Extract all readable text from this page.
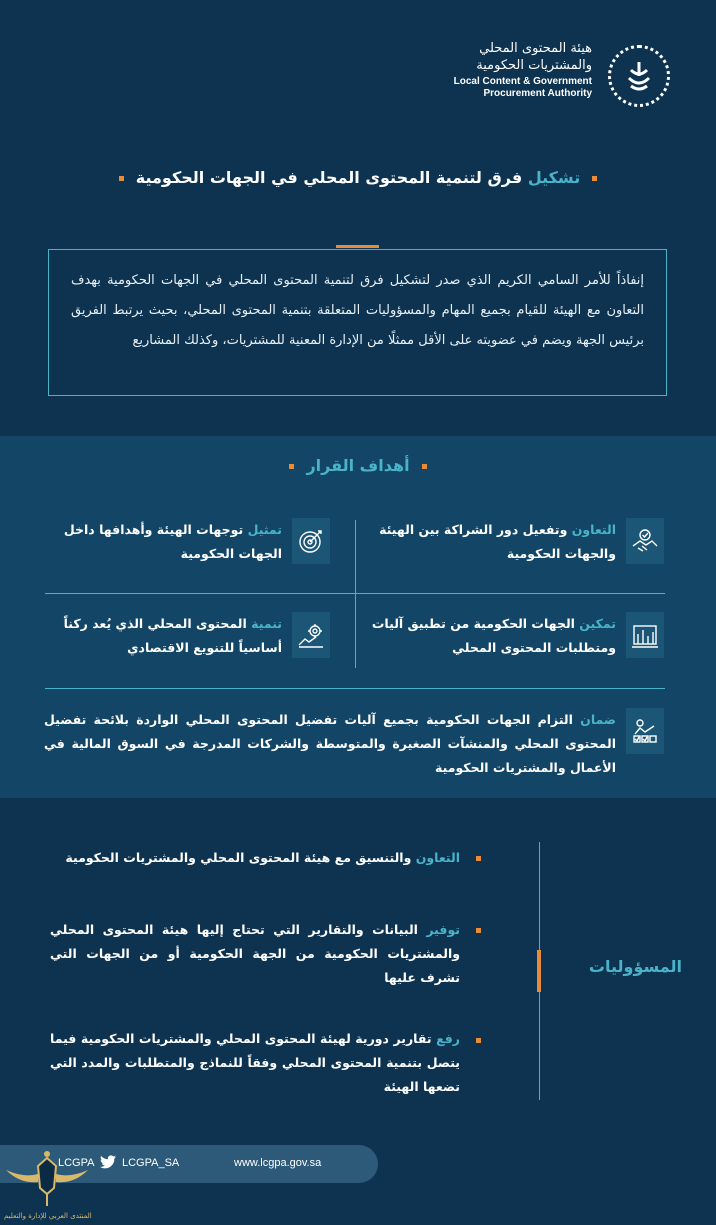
هيئة المحتوى المحلي
والمشتريات الحكومية
Local Content & Government
Procurement Authority
تشكيل فرق لتنمية المحتوى المحلي في الجهات الحكومية
إنفاذاً للأمر السامي الكريم الذي صدر لتشكيل فرق لتنمية المحتوى المحلي في الجهات الحكومية بهدف التعاون مع الهيئة للقيام بجميع المهام والمسؤوليات المتعلقة بتنمية المحتوى المحلي، بحيث يرتبط الفريق برئيس الجهة ويضم في عضويته على الأقل ممثلًا من الإدارة المعنية للمشتريات، وكذلك المشاريع
أهداف القرار
التعاون وتفعيل دور الشراكة بين الهيئة والجهات الحكومية
تمثيل توجهات الهيئة وأهدافها داخل الجهات الحكومية
تمكين الجهات الحكومية من تطبيق آليات ومتطلبات المحتوى المحلي
تنمية المحتوى المحلي الذي يُعد ركناً أساسياً للتنويع الاقتصادي
ضمان التزام الجهات الحكومية بجميع آليات تفضيل المحتوى المحلي الواردة بلائحة تفضيل المحتوى المحلي والمنشآت الصغيرة والمتوسطة والشركات المدرجة في السوق المالية في الأعمال والمشتريات الحكومية
المسؤوليات
التعاون والتنسيق مع هيئة المحتوى المحلي والمشتريات الحكومية
توفير البيانات والتقارير التي تحتاج إليها هيئة المحتوى المحلي والمشتريات الحكومية من الجهة الحكومية أو من الجهات التي تشرف عليها
رفع تقارير دورية لهيئة المحتوى المحلي والمشتريات الحكومية فيما يتصل بتنمية المحتوى المحلي وفقاً للنماذج والمتطلبات والمدد التي تضعها الهيئة
www.lcgpa.gov.sa
LCGPA_SA
LCGPA
المنتدى العربي للإدارة والتعليم
